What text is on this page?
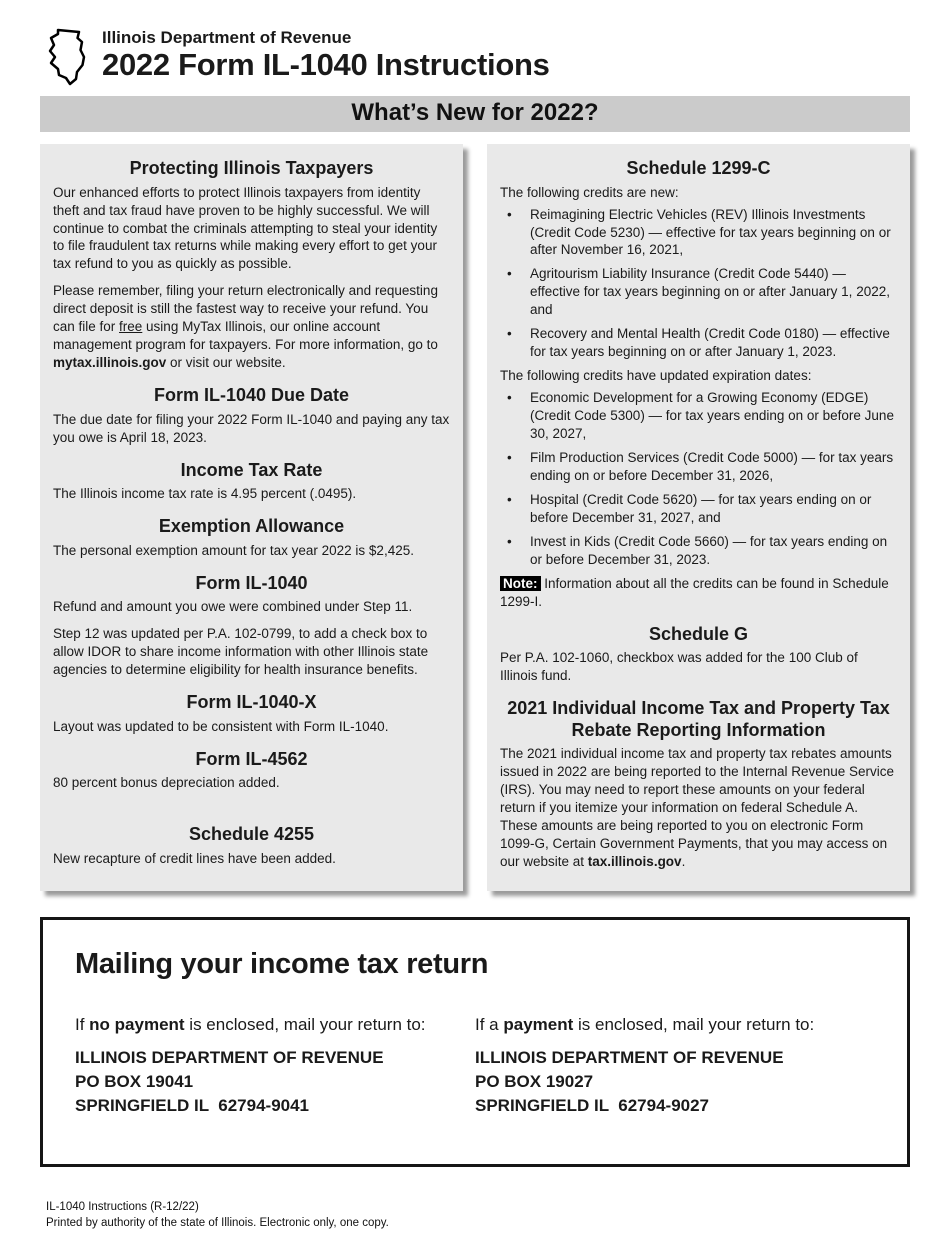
Illinois Department of Revenue
2022 Form IL-1040 Instructions
What’s New for 2022?
Protecting Illinois Taxpayers

Our enhanced efforts to protect Illinois taxpayers from identity theft and tax fraud have proven to be highly successful. We will continue to combat the criminals attempting to steal your identity to file fraudulent tax returns while making every effort to get your tax refund to you as quickly as possible.

Please remember, filing your return electronically and requesting direct deposit is still the fastest way to receive your refund. You can file for free using MyTax Illinois, our online account management program for taxpayers. For more information, go to mytax.illinois.gov or visit our website.

Form IL-1040 Due Date

The due date for filing your 2022 Form IL-1040 and paying any tax you owe is April 18, 2023.

Income Tax Rate

The Illinois income tax rate is 4.95 percent (.0495).

Exemption Allowance

The personal exemption amount for tax year 2022 is $2,425.

Form IL-1040

Refund and amount you owe were combined under Step 11.

Step 12 was updated per P.A. 102-0799, to add a check box to allow IDOR to share income information with other Illinois state agencies to determine eligibility for health insurance benefits.

Form IL-1040-X

Layout was updated to be consistent with Form IL-1040.

Form IL-4562

80 percent bonus depreciation added.

Schedule 4255

New recapture of credit lines have been added.

Schedule 1299-C
The following credits are new:
• Reimagining Electric Vehicles (REV) Illinois Investments (Credit Code 5230) — effective for tax years beginning on or after November 16, 2021,
• Agritourism Liability Insurance (Credit Code 5440) — effective for tax years beginning on or after January 1, 2022, and
• Recovery and Mental Health (Credit Code 0180) — effective for tax years beginning on or after January 1, 2023.
The following credits have updated expiration dates:
• Economic Development for a Growing Economy (EDGE) (Credit Code 5300) — for tax years ending on or before June 30, 2027,
• Film Production Services (Credit Code 5000) — for tax years ending on or before December 31, 2026,
• Hospital (Credit Code 5620) — for tax years ending on or before December 31, 2027, and
• Invest in Kids (Credit Code 5660) — for tax years ending on or before December 31, 2023.
Note: Information about all the credits can be found in Schedule 1299-I.
Schedule G

Per P.A. 102-1060, checkbox was added for the 100 Club of Illinois fund.

2021 Individual Income Tax and Property Tax Rebate Reporting Information

The 2021 individual income tax and property tax rebates amounts issued in 2022 are being reported to the Internal Revenue Service (IRS). You may need to report these amounts on your federal return if you itemize your information on federal Schedule A. These amounts are being reported to you on electronic Form 1099-G, Certain Government Payments, that you may access on our website at tax.illinois.gov.

Mailing your income tax return
If no payment is enclosed, mail your return to:
ILLINOIS DEPARTMENT OF REVENUE
PO BOX 19041
SPRINGFIELD IL  62794-9041
If a payment is enclosed, mail your return to:
ILLINOIS DEPARTMENT OF REVENUE
PO BOX 19027
SPRINGFIELD IL  62794-9027
IL-1040 Instructions (R-12/22)
Printed by authority of the state of Illinois. Electronic only, one copy.
